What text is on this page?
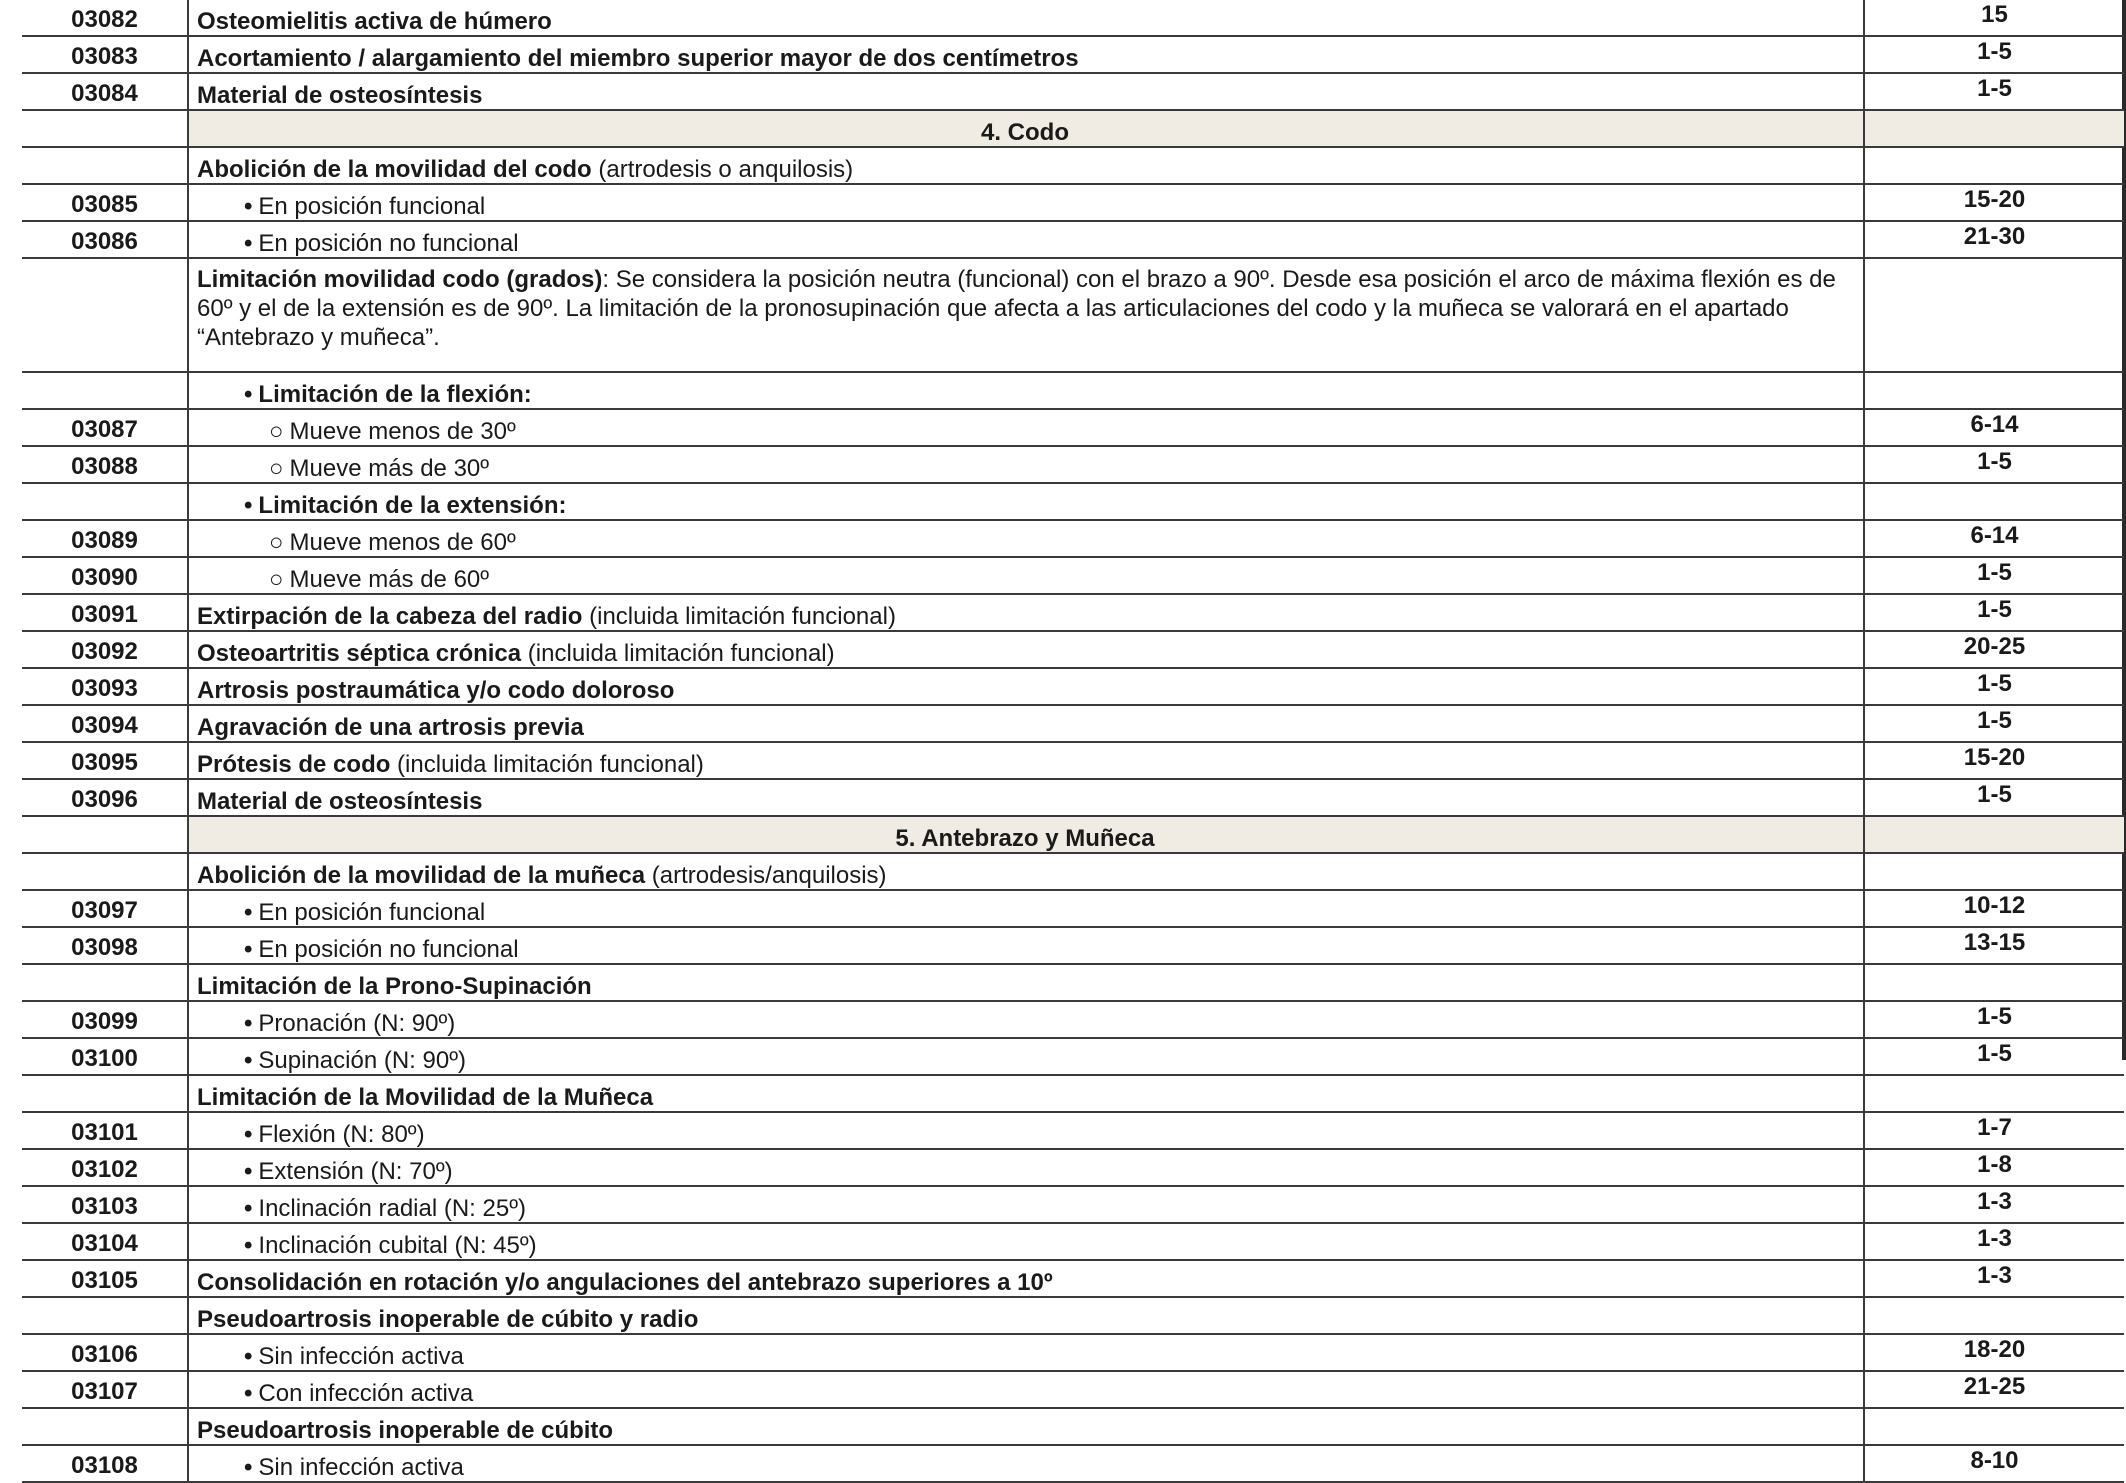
03082	Osteomielitis activa de húmero	15
03083	Acortamiento / alargamiento del miembro superior mayor de dos centímetros	1-5
03084	Material de osteosíntesis	1-5
	4. Codo	
	Abolición de la movilidad del codo (artrodesis o anquilosis)	
03085	• En posición funcional	15-20
03086	• En posición no funcional	21-30
	Limitación movilidad codo (grados): Se considera la posición neutra (funcional) con el brazo a 90º. Desde esa posición el arco de máxima flexión es de 60º y el de la extensión es de 90º. La limitación de la pronosupinación que afecta a las articulaciones del codo y la muñeca se valorará en el apartado “Antebrazo y muñeca”.	
	• Limitación de la flexión:	
03087	○ Mueve menos de 30º	6-14
03088	○ Mueve más de 30º	1-5
	• Limitación de la extensión:	
03089	○ Mueve menos de 60º	6-14
03090	○ Mueve más de 60º	1-5
03091	Extirpación de la cabeza del radio (incluida limitación funcional)	1-5
03092	Osteoartritis séptica crónica (incluida limitación funcional)	20-25
03093	Artrosis postraumática y/o codo doloroso	1-5
03094	Agravación de una artrosis previa	1-5
03095	Prótesis de codo (incluida limitación funcional)	15-20
03096	Material de osteosíntesis	1-5
	5. Antebrazo y Muñeca	
	Abolición de la movilidad de la muñeca (artrodesis/anquilosis)	
03097	• En posición funcional	10-12
03098	• En posición no funcional	13-15
	Limitación de la Prono-Supinación	
03099	• Pronación (N: 90º)	1-5
03100	• Supinación (N: 90º)	1-5
	Limitación de la Movilidad de la Muñeca	
03101	• Flexión (N: 80º)	1-7
03102	• Extensión (N: 70º)	1-8
03103	• Inclinación radial (N: 25º)	1-3
03104	• Inclinación cubital (N: 45º)	1-3
03105	Consolidación en rotación y/o angulaciones del antebrazo superiores a 10º	1-3
	Pseudoartrosis inoperable de cúbito y radio	
03106	• Sin infección activa	18-20
03107	• Con infección activa	21-25
	Pseudoartrosis inoperable de cúbito	
03108	• Sin infección activa	8-10
